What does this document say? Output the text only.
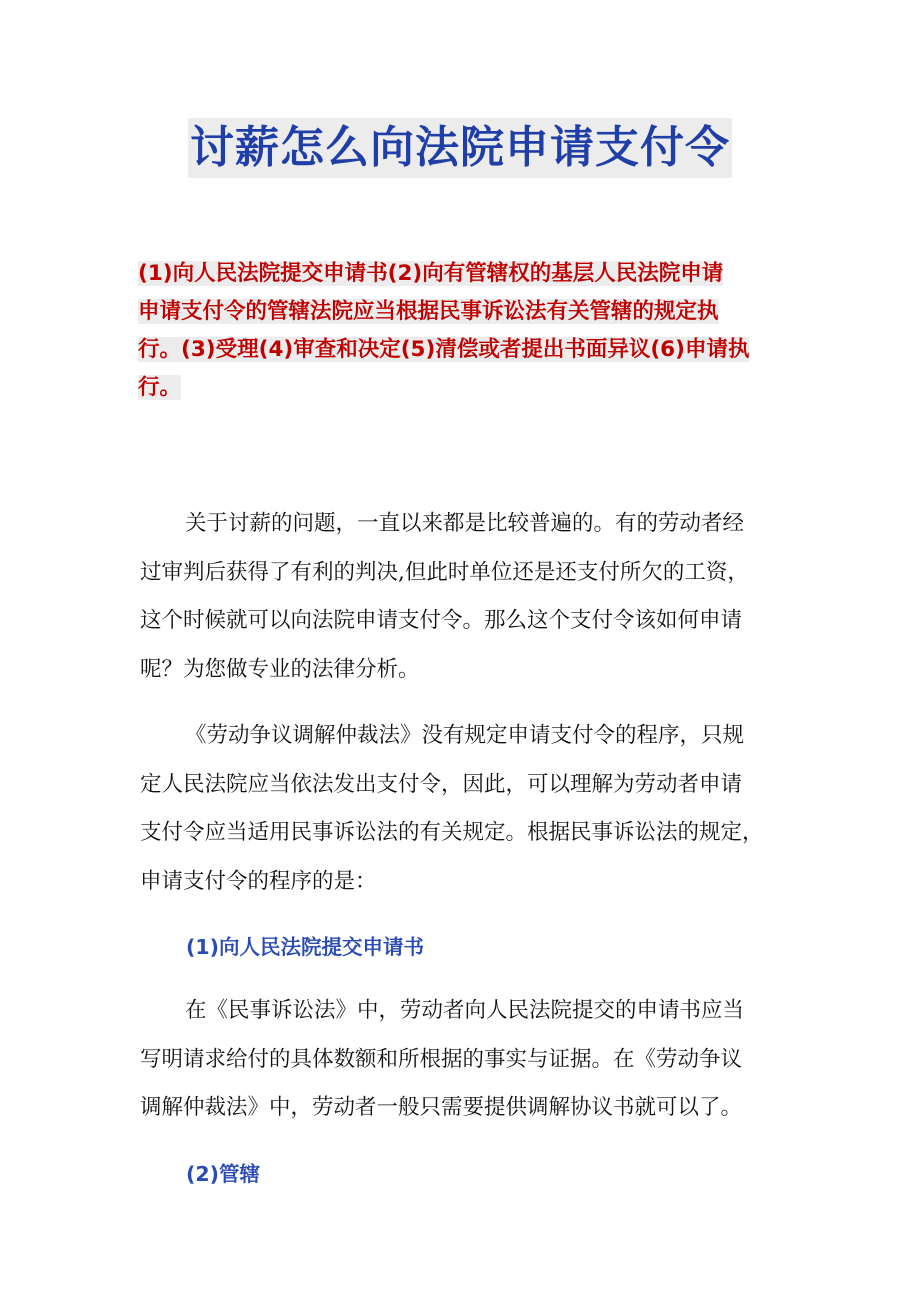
讨薪怎么向法院申请支付令
(1)向人民法院提交申请书(2)向有管辖权的基层人民法院申请
申请支付令的管辖法院应当根据民事诉讼法有关管辖的规定执
行。(3)受理(4)审查和决定(5)清偿或者提出书面异议(6)申请执
行。
关于讨薪的问题，一直以来都是比较普遍的。有的劳动者经
过审判后获得了有利的判决,但此时单位还是还支付所欠的工资，
这个时候就可以向法院申请支付令。那么这个支付令该如何申请
呢？为您做专业的法律分析。
《劳动争议调解仲裁法》没有规定申请支付令的程序，只规
定人民法院应当依法发出支付令，因此，可以理解为劳动者申请
支付令应当适用民事诉讼法的有关规定。根据民事诉讼法的规定，
申请支付令的程序的是：
(1)向人民法院提交申请书
在《民事诉讼法》中，劳动者向人民法院提交的申请书应当
写明请求给付的具体数额和所根据的事实与证据。在《劳动争议
调解仲裁法》中，劳动者一般只需要提供调解协议书就可以了。
(2)管辖
